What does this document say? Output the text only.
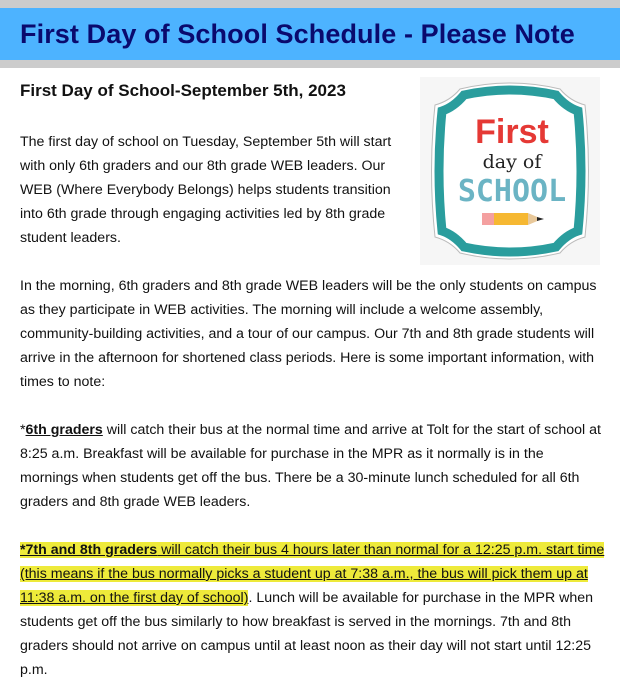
First Day of School Schedule - Please Note
First
day of
SCHOOL
First Day of School-September 5th, 2023

The first day of school on Tuesday, September 5th will start with only 6th graders and our 8th grade WEB leaders. Our WEB (Where Everybody Belongs) helps students transition into 6th grade through engaging activities led by 8th grade student leaders.

In the morning, 6th graders and 8th grade WEB leaders will be the only students on campus as they participate in WEB activities. The morning will include a welcome assembly, community-building activities, and a tour of our campus. Our 7th and 8th grade students will arrive in the afternoon for shortened class periods. Here is some important information, with times to note:

*6th graders will catch their bus at the normal time and arrive at Tolt for the start of school at 8:25 a.m. Breakfast will be available for purchase in the MPR as it normally is in the mornings when students get off the bus. There be a 30-minute lunch scheduled for all 6th graders and 8th grade WEB leaders.

*7th and 8th graders will catch their bus 4 hours later than normal for a 12:25 p.m. start time (this means if the bus normally picks a student up at 7:38 a.m., the bus will pick them up at 11:38 a.m. on the first day of school). Lunch will be available for purchase in the MPR when students get off the bus similarly to how breakfast is served in the mornings. 7th and 8th graders should not arrive on campus until at least noon as their day will not start until 12:25 p.m.
